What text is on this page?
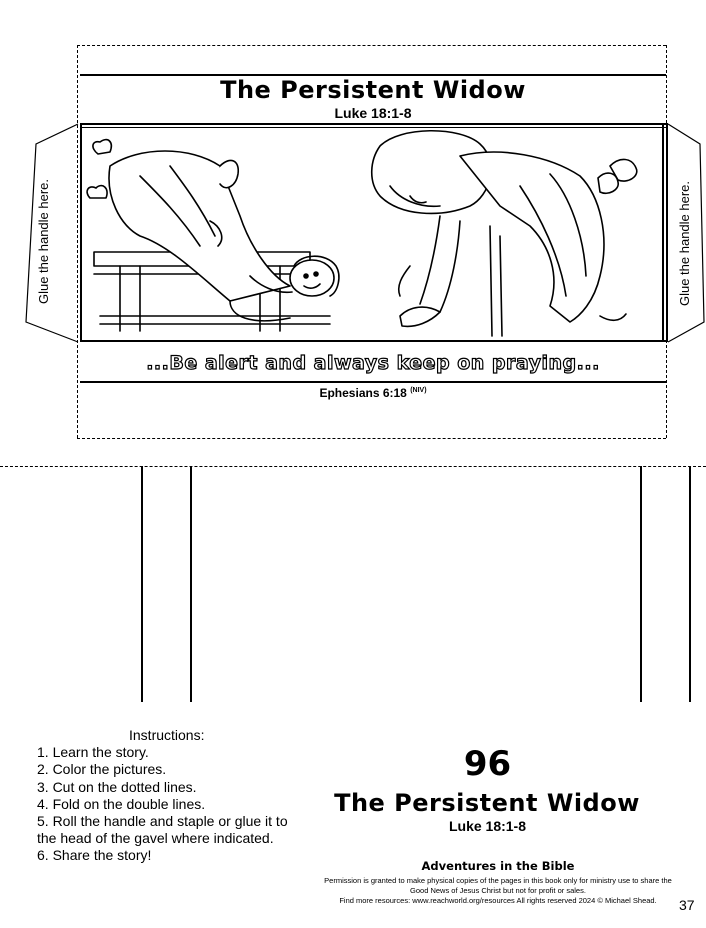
The Persistent Widow
Luke 18:1-8
Glue the handle here.	Glue the handle here.
...Be alert and always keep on praying...
Ephesians 6:18 $^{(NIV)}$
Instructions:
1. Learn the story.
2. Color the pictures.
3. Cut on the dotted lines.
4. Fold on the double lines.
5. Roll the handle and staple or glue it to
the head of the gavel where indicated.
6. Share the story!
96
The Persistent Widow
Luke 18:1-8
Adventures in the Bible
Permission is granted to make physical copies of the pages in this book only for ministry use to share the
Good News of Jesus Christ but not for profit or sales.
Find more resources: www.reachworld.org/resources All rights reserved 2024 © Michael Shead.	37
